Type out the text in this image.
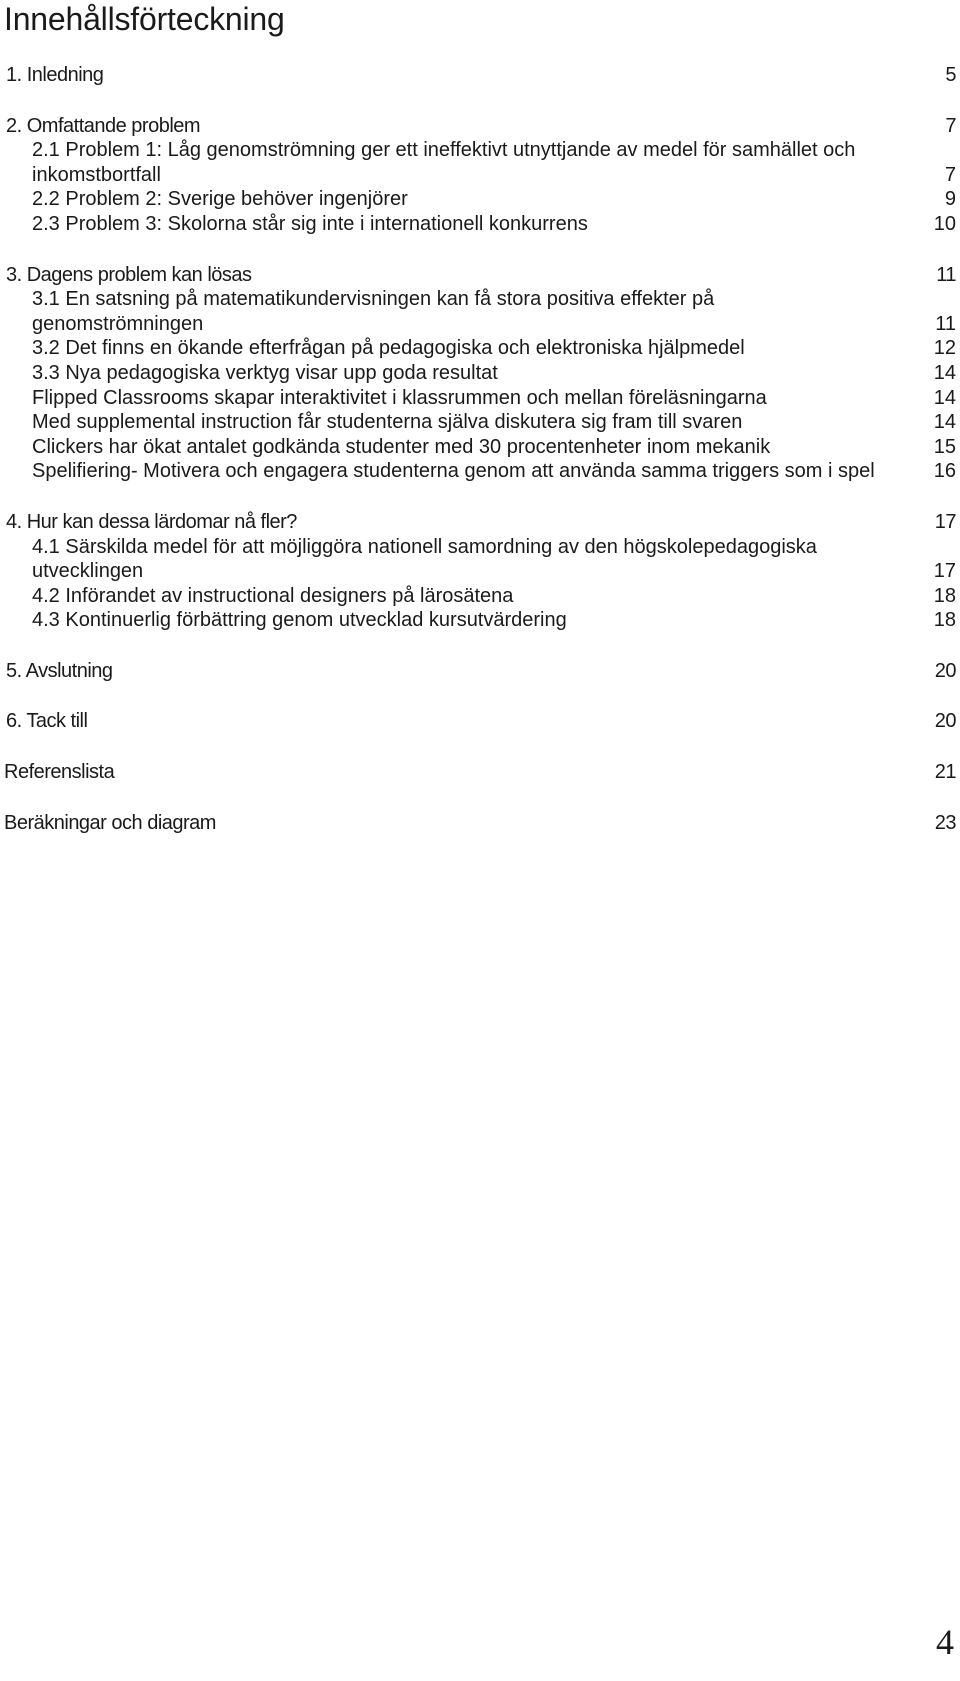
Innehållsförteckning
1. Inledning	5
2. Omfattande problem	7
2.1 Problem 1: Låg genomströmning ger ett ineffektivt utnyttjande av medel för samhället och inkomstbortfall	7
2.2 Problem 2: Sverige behöver ingenjörer	9
2.3 Problem 3: Skolorna står sig inte i internationell konkurrens	10
3. Dagens problem kan lösas	11
3.1 En satsning på matematikundervisningen kan få stora positiva effekter på genomströmningen	11
3.2 Det finns en ökande efterfrågan på pedagogiska och elektroniska hjälpmedel	12
3.3 Nya pedagogiska verktyg visar upp goda resultat	14
Flipped Classrooms skapar interaktivitet i klassrummen och mellan föreläsningarna	14
Med supplemental instruction får studenterna själva diskutera sig fram till svaren	14
Clickers har ökat antalet godkända studenter med 30 procentenheter inom mekanik	15
Spelifiering- Motivera och engagera studenterna genom att använda samma triggers som i spel	16
4. Hur kan dessa lärdomar nå fler?	17
4.1 Särskilda medel för att möjliggöra nationell samordning av den högskolepedagogiska utvecklingen	17
4.2 Införandet av instructional designers på lärosätena	18
4.3 Kontinuerlig förbättring genom utvecklad kursutvärdering	18
5. Avslutning	20
6. Tack till	20
Referenslista	21
Beräkningar och diagram	23
4
